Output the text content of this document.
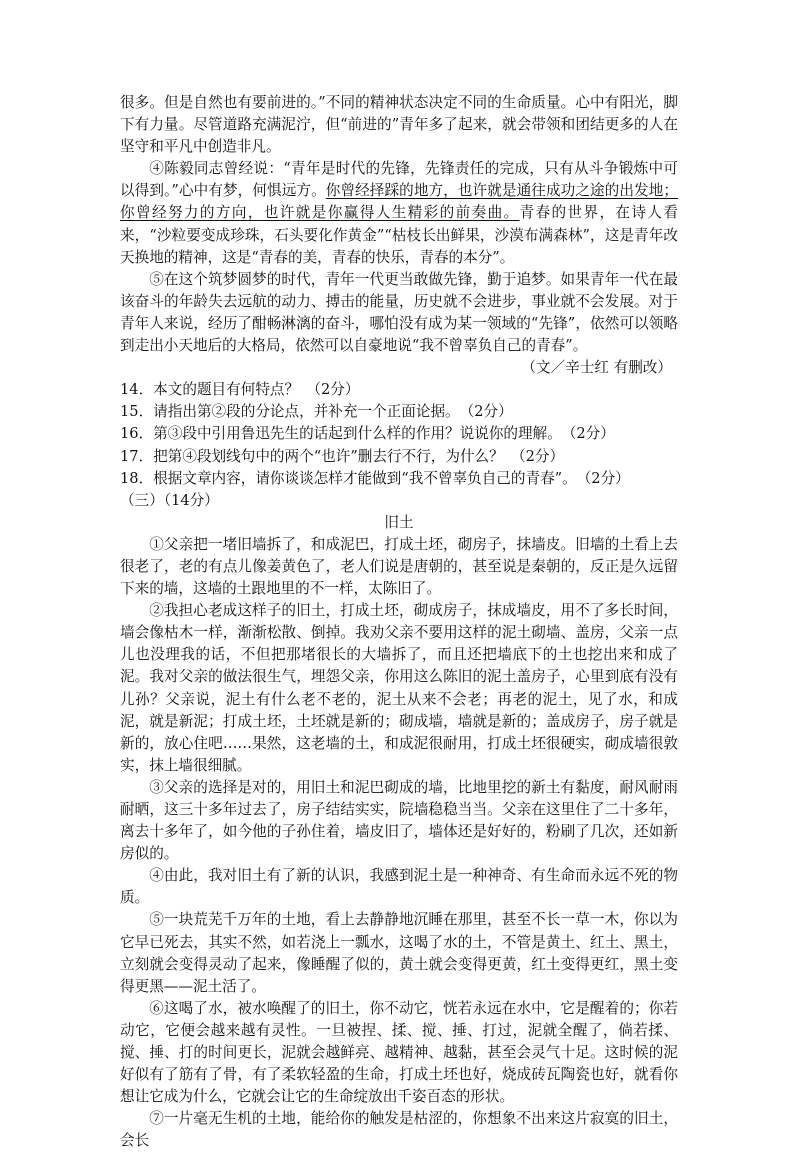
很多。但是自然也有要前进的。”不同的精神状态决定不同的生命质量。心中有阳光，脚下有力量。尽管道路充满泥泞，但“前进的”青年多了起来，就会带领和团结更多的人在坚守和平凡中创造非凡。

④陈毅同志曾经说：“青年是时代的先锋，先锋责任的完成，只有从斗争锻炼中可以得到。”心中有梦，何惧远方。你曾经择踩的地方，也许就是通往成功之途的出发地；你曾经努力的方向，也许就是你赢得人生精彩的前奏曲。青春的世界，在诗人看来，“沙粒要变成珍珠，石头要化作黄金”“枯枝长出鲜果，沙漠布满森林”，这是青年改天换地的精神，这是“青春的美，青春的快乐，青春的本分”。

⑤在这个筑梦圆梦的时代，青年一代更当敢做先锋，勤于追梦。如果青年一代在最该奋斗的年龄失去远航的动力、搏击的能量，历史就不会进步，事业就不会发展。对于青年人来说，经历了酣畅淋漓的奋斗，哪怕没有成为某一领域的“先锋”，依然可以领略到走出小天地后的大格局，依然可以自豪地说“我不曾辜负自己的青春”。

（文／辛士红 有删改）

14．本文的题目有何特点？　（2分）

15．请指出第②段的分论点，并补充一个正面论据。　（2分）

16．第③段中引用鲁迅先生的话起到什么样的作用？说说你的理解。　（2分）

17．把第④段划线句中的两个“也许”删去行不行，为什么？　（2分）

18．根据文章内容，请你谈谈怎样才能做到“我不曾辜负自己的青春”。　（2分）

（三）（14分）

旧土

①父亲把一堵旧墙拆了，和成泥巴，打成土坯，砌房子，抹墙皮。旧墙的土看上去很老了，老的有点儿像姜黄色了，老人们说是唐朝的，甚至说是秦朝的，反正是久远留下来的墙，这墙的土跟地里的不一样，太陈旧了。

②我担心老成这样子的旧土，打成土坯，砌成房子，抹成墙皮，用不了多长时间，墙会像枯木一样，渐渐松散、倒掉。我劝父亲不要用这样的泥土砌墙、盖房，父亲一点儿也没理我的话，不但把那堵很长的大墙拆了，而且还把墙底下的土也挖出来和成了泥。我对父亲的做法很生气，埋怨父亲，你用这么陈旧的泥土盖房子，心里到底有没有儿孙？父亲说，泥土有什么老不老的，泥土从来不会老；再老的泥土，见了水，和成泥，就是新泥；打成土坯，土坯就是新的；砌成墙，墙就是新的；盖成房子，房子就是新的，放心住吧……果然，这老墙的土，和成泥很耐用，打成土坯很硬实，砌成墙很敦实，抹上墙很细腻。

③父亲的选择是对的，用旧土和泥巴砌成的墙，比地里挖的新土有黏度，耐风耐雨耐晒，这三十多年过去了，房子结结实实，院墙稳稳当当。父亲在这里住了二十多年，离去十多年了，如今他的子孙住着，墙皮旧了，墙体还是好好的，粉刷了几次，还如新房似的。

④由此，我对旧土有了新的认识，我感到泥土是一种神奇、有生命而永远不死的物质。

⑤一块荒芜千万年的土地，看上去静静地沉睡在那里，甚至不长一草一木，你以为它早已死去，其实不然，如若浇上一瓢水，这喝了水的土，不管是黄土、红土、黑土，立刻就会变得灵动了起来，像睡醒了似的，黄土就会变得更黄，红土变得更红，黑土变得更黑——泥土活了。

⑥这喝了水，被水唤醒了的旧土，你不动它，恍若永远在水中，它是醒着的；你若动它，它便会越来越有灵性。一旦被捏、揉、搅、捶、打过，泥就全醒了，倘若揉、搅、捶、打的时间更长，泥就会越鲜亮、越精神、越黏，甚至会灵气十足。这时候的泥好似有了筋有了骨，有了柔软轻盈的生命，打成土坯也好，烧成砖瓦陶瓷也好，就看你想让它成为什么，它就会让它的生命绽放出千姿百态的形状。

⑦一片毫无生机的土地，能给你的触发是枯涩的，你想象不出来这片寂寞的旧土，会长
